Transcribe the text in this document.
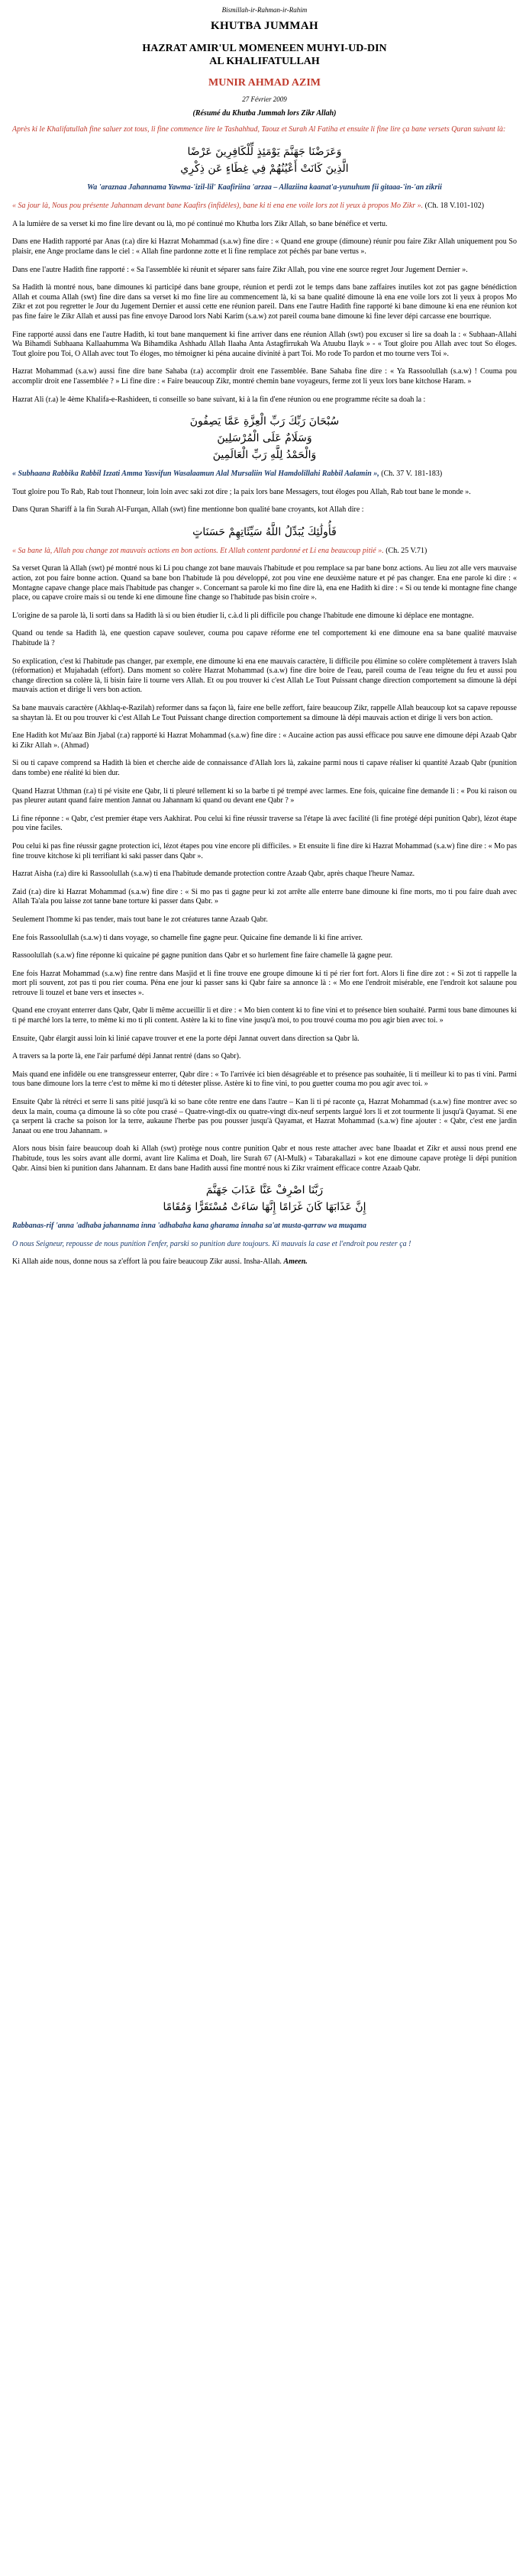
Bismillah-ir-Rahman-ir-Rahim
KHUTBA JUMMAH
HAZRAT AMIR'UL MOMENEEN MUHYI-UD-DIN
AL KHALIFATULLAH
MUNIR AHMAD AZIM
27 Février 2009
(Résumé du Khutba Jummah lors Zikr Allah)

Après ki le Khalifatullah fine saluer zot tous, li fine commence lire le Tashahhud, Taouz et Surah Al Fatiha et ensuite li fine lire ça bane versets Quran suivant là:

وَعَرَضْنَا جَهَنَّمَ يَوْمَئِذٍ لِّلْكَافِرِينَ عَرْضًا
الَّذِينَ كَانَتْ أَعْيُنُهُمْ فِي غِطَاءٍ عَن ذِكْرِي
Wa 'araznaa Jahannama Yawma-'izil-lil' Kaafiriina 'arzaa – Allaziina kaanat'a-yunuhum fii gitaaa-'in-'an zikrii

« Sa jour là, Nous pou présente Jahannam devant bane Kaafirs (infidèles), bane ki ti ena ene voile lors zot li yeux à propos Mo Zikr ». (Ch. 18 V.101-102)

A la lumière de sa verset ki mo fine lire devant ou là, mo pé continué mo Khutba lors Zikr Allah, so bane bénéfice et vertu.

Dans ene Hadith rapporté par Anas (r.a) dire ki Hazrat Mohammad (s.a.w) fine dire : « Quand ene groupe (dimoune) réunir pou faire Zikr Allah uniquement pou So plaisir, ene Ange proclame dans le ciel : « Allah fine pardonne zotte et li fine remplace zot péchés par bane vertus ».

Dans ene l'autre Hadith fine rapporté : « Sa l'assemblée ki réunit et séparer sans faire Zikr Allah, pou vine ene source regret Jour Jugement Dernier ».

Sa Hadith là montré nous, bane dimounes ki participé dans bane groupe, réunion et perdi zot le temps dans bane zaffaires inutiles kot zot pas gagne bénédiction Allah et couma Allah (swt) fine dire dans sa verset ki mo fine lire au commencement là, ki sa bane qualité dimoune là ena ene voile lors zot li yeux à propos Mo Zikr et zot pou regretter le Jour du Jugement Dernier et aussi cette ene réunion pareil. Dans ene l'autre Hadith fine rapporté ki bane dimoune ki ena ene réunion kot pas fine faire le Zikr Allah et aussi pas fine envoye Darood lors Nabi Karim (s.a.w) zot pareil couma bane dimoune ki fine lever dépi carcasse ene bourrique.

Fine rapporté aussi dans ene l'autre Hadith, ki tout bane manquement ki fine arriver dans ene réunion Allah (swt) pou excuser si lire sa doah la : « Subhaan-Allahi Wa Bihamdi Subhaana Kallaahumma Wa Bihamdika Ashhadu Allah Ilaaha Anta Astagfirrukah Wa Atuubu Ilayk » - « Tout gloire pou Allah avec tout So éloges. Tout gloire pou Toi, O Allah avec tout To éloges, mo témoigner ki péna aucaine divinité à part Toi. Mo rode To pardon et mo tourne vers Toi ».

Hazrat Mohammad (s.a.w) aussi fine dire bane Sahaba (r.a) accomplir droit ene l'assemblée. Bane Sahaba fine dire : « Ya Rassoolullah (s.a.w) ! Couma pou accomplir droit ene l'assemblée ? » Li fine dire : « Faire beaucoup Zikr, montré chemin bane voyageurs, ferme zot li yeux lors bane kitchose Haram. »

Hazrat Ali (r.a) le 4ème Khalifa-e-Rashideen, ti conseille so bane suivant, ki à la fin d'ene réunion ou ene programme récite sa doah la :

سُبْحَانَ رَبِّكَ رَبِّ الْعِزَّةِ عَمَّا يَصِفُونَ
وَسَلَامٌ عَلَى الْمُرْسَلِينَ
وَالْحَمْدُ لِلَّهِ رَبِّ الْعَالَمِينَ

« Subhaana Rabbika Rabbil Izzati Amma Yasvifun Wasalaamun Alal Mursaliin Wal Hamdolillahi Rabbil Aalamin », (Ch. 37 V. 181-183)

Tout gloire pou To Rab, Rab tout l'honneur, loin loin avec saki zot dire ; la paix lors bane Messagers, tout éloges pou Allah, Rab tout bane le monde ».

Dans Quran Shariff à la fin Surah Al-Furqan, Allah (swt) fine mentionne bon qualité bane croyants, kot Allah dire :

فَأُولَٰئِكَ يُبَدِّلُ اللَّهُ سَيِّئَاتِهِمْ حَسَنَاتٍ

« Sa bane là, Allah pou change zot mauvais actions en bon actions. Et Allah content pardonné et Li ena beaucoup pitié ». (Ch. 25 V.71)

Sa verset Quran là Allah (swt) pé montré nous ki Li pou change zot bane mauvais l'habitude et pou remplace sa par bane bonz actions. Au lieu zot alle vers mauvaise action, zot pou faire bonne action. Quand sa bane bon l'habitude là pou développé, zot pou vine ene deuxième nature et pé pas changer. Ena ene parole ki dire : « Montagne capave change place mais l'habitude pas changer ». Concernant sa parole ki mo fine dire là, ena ene Hadith ki dire : « Si ou tende ki montagne fine change place, ou capave croire mais si ou tende ki ene dimoune fine change so l'habitude pas bisin croire ».

L'origine de sa parole là, li sorti dans sa Hadith là si ou bien étudier li, c.à.d li pli difficile pou change l'habitude ene dimoune ki déplace ene montagne.

Quand ou tende sa Hadith là, ene question capave soulever, couma pou capave réforme ene tel comportement ki ene dimoune ena sa bane qualité mauvaise l'habitude là ?

So explication, c'est ki l'habitude pas changer, par exemple, ene dimoune ki ena ene mauvais caractère, li difficile pou élimine so colère complètement à travers Islah (réformation) et Mujahadah (effort). Dans moment so colère Hazrat Mohammad (s.a.w) fine dire boire de l'eau, pareil couma de l'eau teigne du feu et aussi pou change direction sa colère là, li bisin faire li tourne vers Allah. Et ou pou trouver ki c'est Allah Le Tout Puissant change direction comportement sa dimoune là dépi mauvais action et dirige li vers bon action.

Sa bane mauvais caractère (Akhlaq-e-Razilah) reformer dans sa façon là, faire ene belle zeffort, faire beaucoup Zikr, rappelle Allah beaucoup kot sa capave repousse sa shaytan là. Et ou pou trouver ki c'est Allah Le Tout Puissant change direction comportement sa dimoune là dépi mauvais action et dirige li vers bon action.

Ene Hadith kot Mu'aaz Bin Jjabal (r.a) rapporté ki Hazrat Mohammad (s.a.w) fine dire : « Aucaine action pas aussi efficace pou sauve ene dimoune dépi Azaab Qabr ki Zikr Allah ». (Ahmad)

Si ou ti capave comprend sa Hadith là bien et cherche aide de connaissance d'Allah lors là, zakaine parmi nous ti capave réaliser ki quantité Azaab Qabr (punition dans tombe) ene réalité ki bien dur.

Quand Hazrat Uthman (r.a) ti pé visite ene Qabr, li ti pleuré tellement ki so la barbe ti pé trempé avec larmes. Ene fois, quicaine fine demande li : « Pou ki raison ou pas pleurer autant quand faire mention Jannat ou Jahannam ki quand ou devant ene Qabr ? »

Li fine réponne : « Qabr, c'est premier étape vers Aakhirat. Pou celui ki fine réussir traverse sa l'étape là avec facilité (li fine protégé dépi punition Qabr), lézot étape pou vine faciles.

Pou celui ki pas fine réussir gagne protection ici, lézot étapes pou vine encore pli difficiles. » Et ensuite li fine dire ki Hazrat Mohammad (s.a.w) fine dire : « Mo pas fine trouve kitchose ki pli terrifiant ki saki passer dans Qabr ».

Hazrat Aisha (r.a) dire ki Rassoolullah (s.a.w) ti ena l'habitude demande protection contre Azaab Qabr, après chaque l'heure Namaz.

Zaid (r.a) dire ki Hazrat Mohammad (s.a.w) fine dire : « Si mo pas ti gagne peur ki zot arrête alle enterre bane dimoune ki fine morts, mo ti pou faire duah avec Allah Ta'ala pou laisse zot tanne bane torture ki passer dans Qabr. »

Seulement l'homme ki pas tender, mais tout bane le zot créatures tanne Azaab Qabr.

Ene fois Rassoolullah (s.a.w) ti dans voyage, so chamelle fine gagne peur. Quicaine fine demande li ki fine arriver.

Rassoolullah (s.a.w) fine réponne ki quicaine pé gagne punition dans Qabr et so hurlement fine faire chamelle là gagne peur.

Ene fois Hazrat Mohammad (s.a.w) fine rentre dans Masjid et li fine trouve ene groupe dimoune ki ti pé rier fort fort. Alors li fine dire zot : « Si zot ti rappelle la mort pli souvent, zot pas ti pou rier couma. Péna ene jour ki passer sans ki Qabr faire sa annonce là : « Mo ene l'endroit misérable, ene l'endroit kot salaune pou retrouve li touzel et bane vers et insectes ».

Quand ene croyant enterrer dans Qabr, Qabr li même accueillir li et dire : « Mo bien content ki to fine vini et to présence bien souhaité. Parmi tous bane dimounes ki ti pé marché lors la terre, to même ki mo ti pli content. Astère la ki to fine vine jusqu'à moi, to pou trouvé couma mo pou agir bien avec toi. »

Ensuite, Qabr élargit aussi loin ki linié capave trouver et ene la porte dépi Jannat ouvert dans direction sa Qabr là.

A travers sa la porte là, ene l'air parfumé dépi Jannat rentré (dans so Qabr).

Mais quand ene infidèle ou ene transgresseur enterrer, Qabr dire : « To l'arrivée ici bien désagréable et to présence pas souhaitée, li ti meilleur ki to pas ti vini. Parmi tous bane dimoune lors la terre c'est to même ki mo ti détester plisse. Astère ki to fine vini, to pou guetter couma mo pou agir avec toi. »

Ensuite Qabr là rétréci et serre li sans pitié jusqu'à ki so bane côte rentre ene dans l'autre – Kan li ti pé raconte ça, Hazrat Mohammad (s.a.w) fine montrer avec so deux la main, couma ça dimoune là so côte pou crasé – Quatre-vingt-dix ou quatre-vingt dix-neuf serpents largué lors li et zot tourmente li jusqu'à Qayamat. Si ene ça serpent là crache sa poison lor la terre, aukaune l'herbe pas pou pousser jusqu'à Qayamat, et Hazrat Mohammad (s.a.w) fine ajouter : « Qabr, c'est ene jardin Janaat ou ene trou Jahannam. »

Alors nous bisin faire beaucoup doah ki Allah (swt) protège nous contre punition Qabr et nous reste attacher avec bane Ibaadat et Zikr et aussi nous prend ene l'habitude, tous les soirs avant alle dormi, avant lire Kalima et Doah, lire Surah 67 (Al-Mulk) « Tabarakallazi » kot ene dimoune capave protège li dépi punition Qabr. Ainsi bien ki punition dans Jahannam. Et dans bane Hadith aussi fine montré nous ki Zikr vraiment efficace contre Azaab Qabr.

رَبَّنَا اصْرِفْ عَنَّا عَذَابَ جَهَنَّمَ
إِنَّ عَذَابَهَا كَانَ غَرَامًا إِنَّهَا سَاءَتْ مُسْتَقَرًّا وَمُقَامًا
Rabbanas-rif 'anna 'adhaba jahannama inna 'adhabaha kana gharama innaha sa'at musta-qarraw wa muqama

O nous Seigneur, repousse de nous punition l'enfer, parski so punition dure toujours. Ki mauvais la case et l'endroit pou rester ça !

Ki Allah aide nous, donne nous sa z'effort là pou faire beaucoup Zikr aussi. Insha-Allah. Ameen.
